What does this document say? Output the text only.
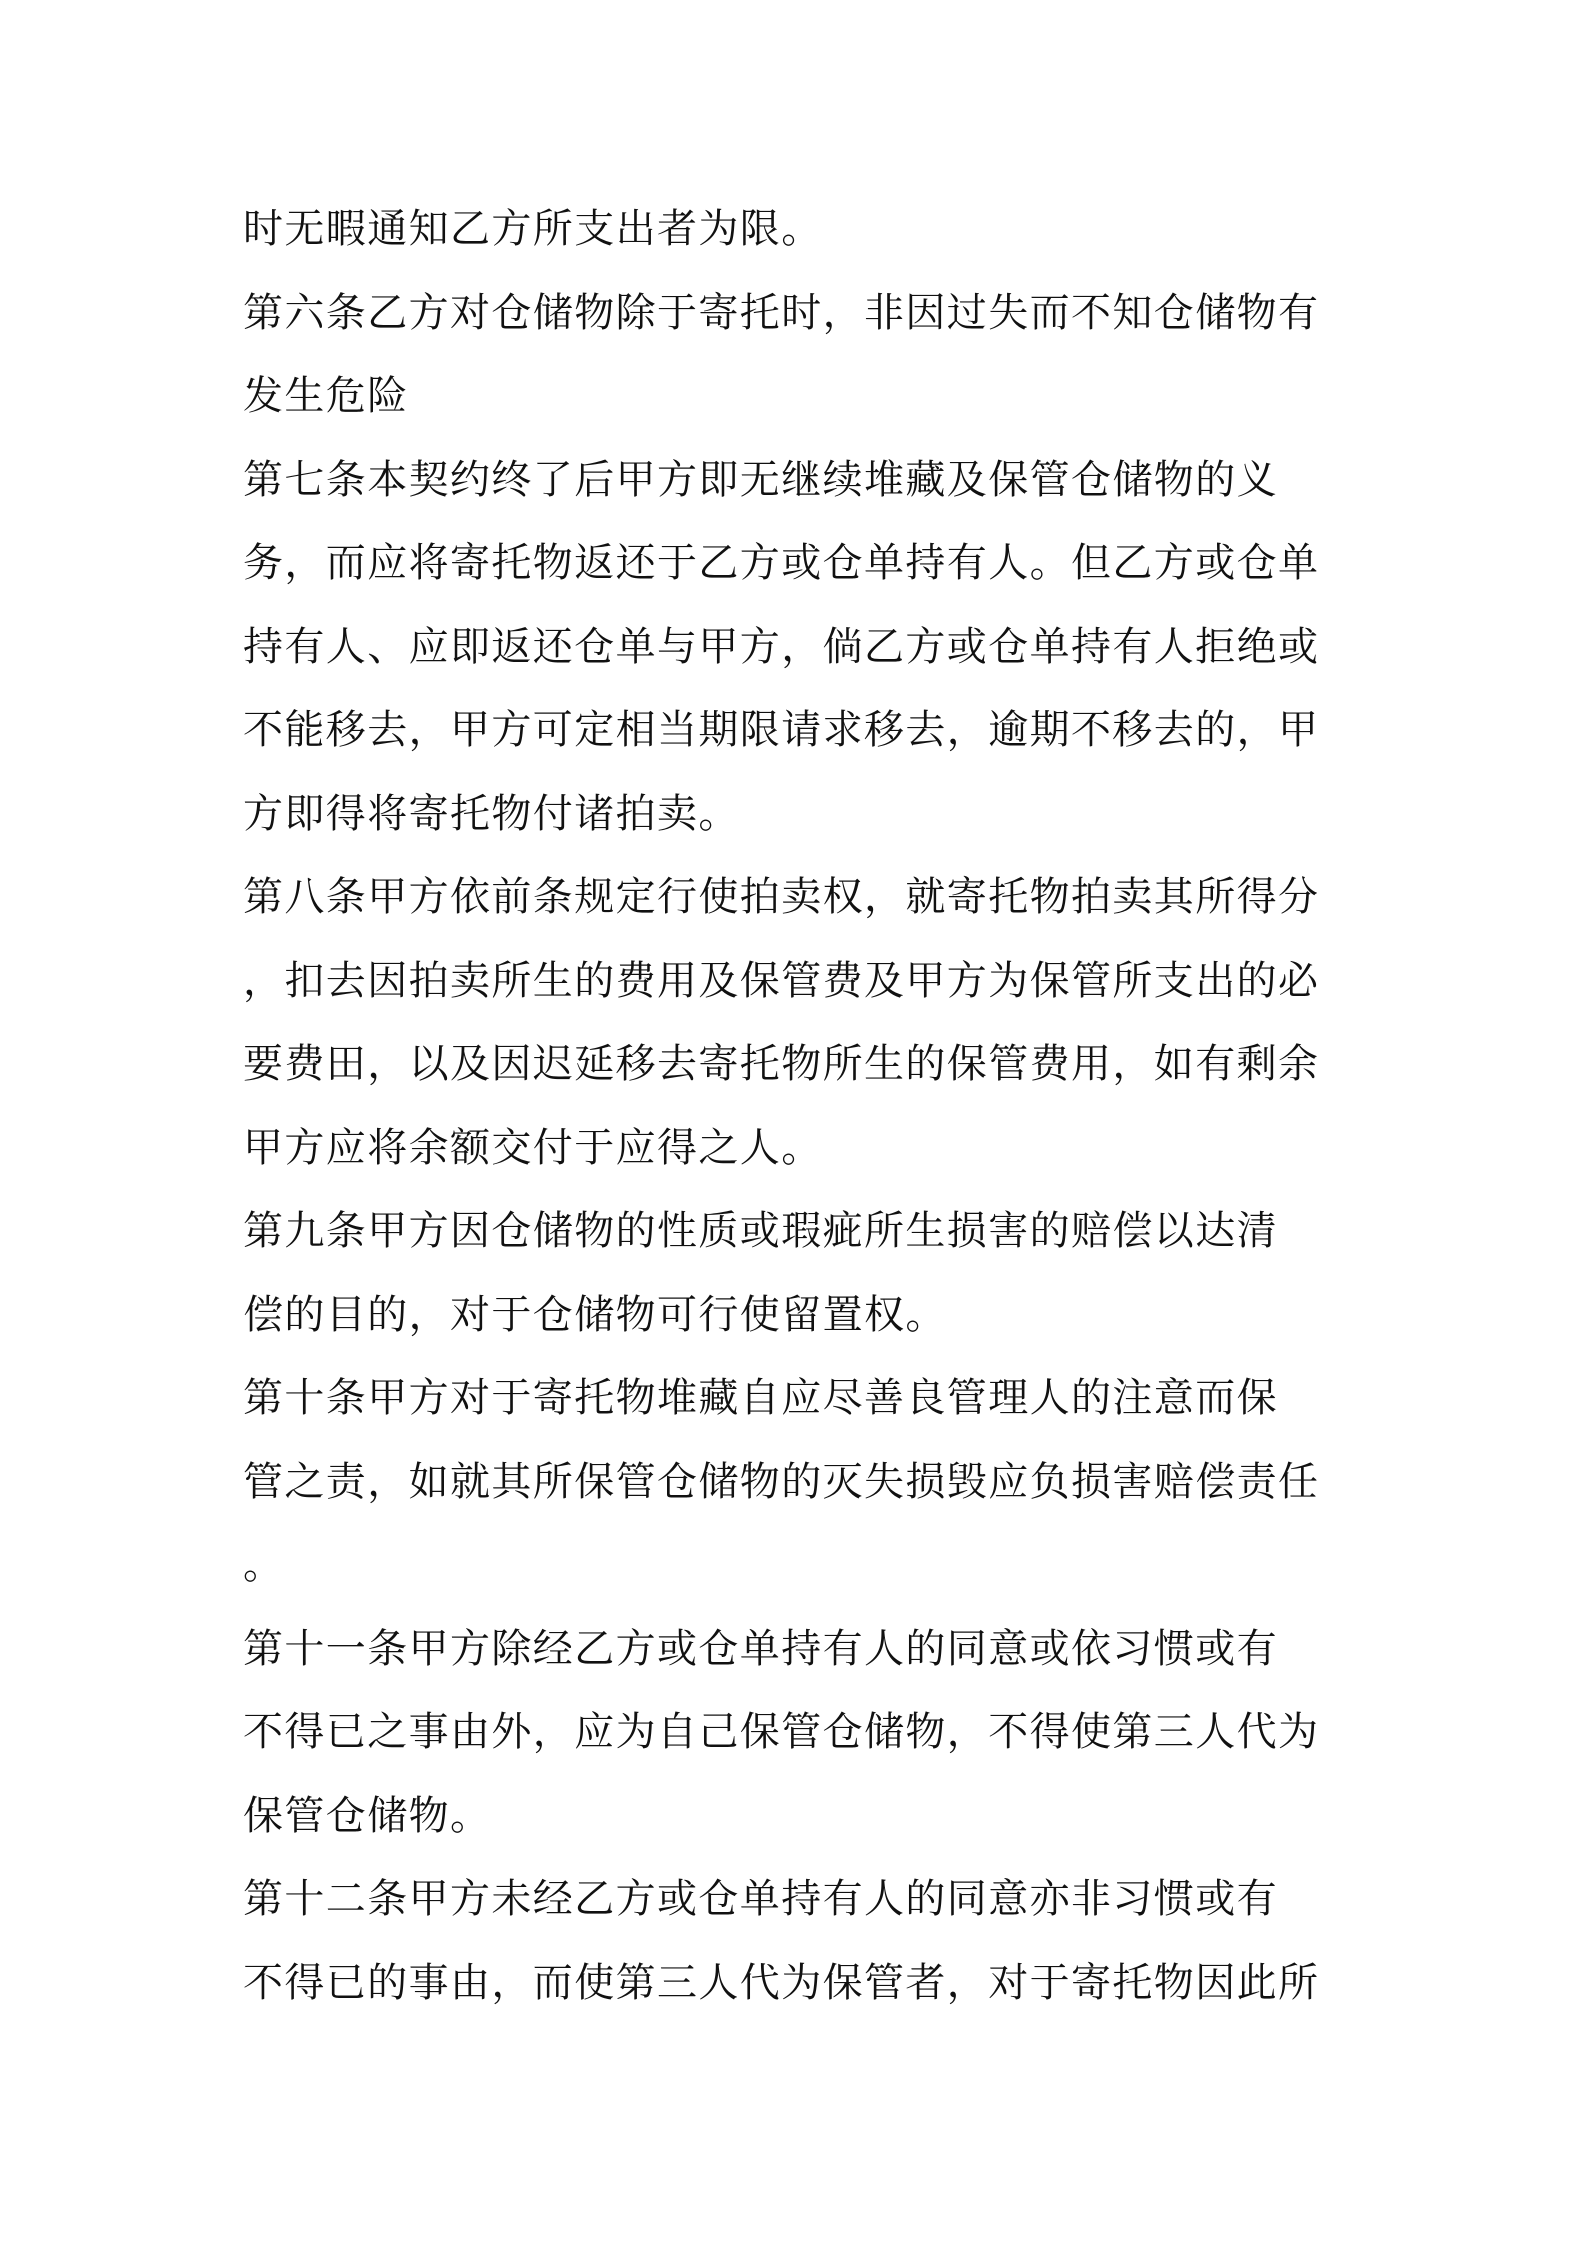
时无暇通知乙方所支出者为限。
第六条乙方对仓储物除于寄托时，非因过失而不知仓储物有
发生危险
第七条本契约终了后甲方即无继续堆藏及保管仓储物的义
务，而应将寄托物返还于乙方或仓单持有人。但乙方或仓单
持有人、应即返还仓单与甲方，倘乙方或仓单持有人拒绝或
不能移去，甲方可定相当期限请求移去，逾期不移去的，甲
方即得将寄托物付诸拍卖。
第八条甲方依前条规定行使拍卖权，就寄托物拍卖其所得分
，扣去因拍卖所生的费用及保管费及甲方为保管所支出的必
要费田，以及因迟延移去寄托物所生的保管费用，如有剩余
甲方应将余额交付于应得之人。
第九条甲方因仓储物的性质或瑕疵所生损害的赔偿以达清
偿的目的，对于仓储物可行使留置权。
第十条甲方对于寄托物堆藏自应尽善良管理人的注意而保
管之责，如就其所保管仓储物的灭失损毁应负损害赔偿责任
。
第十一条甲方除经乙方或仓单持有人的同意或依习惯或有
不得已之事由外，应为自己保管仓储物，不得使第三人代为
保管仓储物。
第十二条甲方未经乙方或仓单持有人的同意亦非习惯或有
不得已的事由，而使第三人代为保管者，对于寄托物因此所
